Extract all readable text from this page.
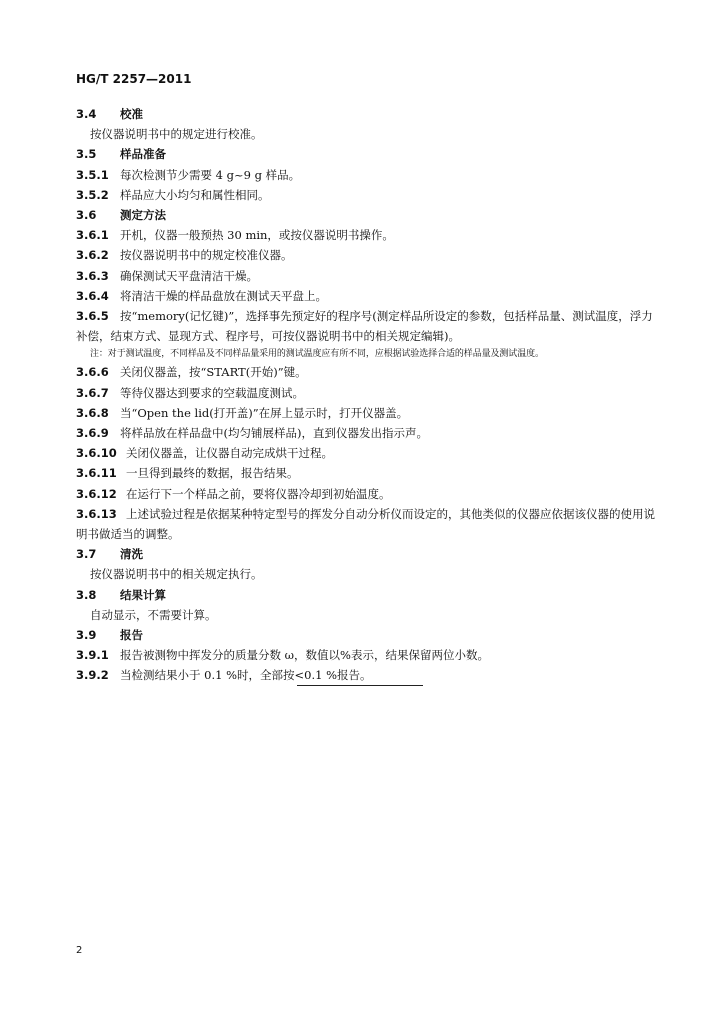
HG/T 2257—2011
3.4 校准
按仪器说明书中的规定进行校准。
3.5 样品准备
3.5.1 每次检测节少需要 4 g~9 g 样品。
3.5.2 样品应大小均匀和属性相同。
3.6 测定方法
3.6.1 开机，仪器一般预热 30 min，或按仪器说明书操作。
3.6.2 按仪器说明书中的规定校准仪器。
3.6.3 确保测试天平盘清洁干燥。
3.6.4 将清洁干燥的样品盘放在测试天平盘上。
3.6.5 按“memory(记忆键)”，选择事先预定好的程序号(测定样品所设定的参数，包括样品量、测试温度，浮力补偿，结束方式、显现方式、程序号，可按仪器说明书中的相关规定编辑)。
注：对于测试温度，不同样品及不同样品量采用的测试温度应有所不同，应根据试验选择合适的样品量及测试温度。
3.6.6 关闭仪器盖，按“START(开始)”键。
3.6.7 等待仪器达到要求的空载温度测试。
3.6.8 当“Open the lid(打开盖)”在屏上显示时，打开仪器盖。
3.6.9 将样品放在样品盘中(均匀铺展样品)，直到仪器发出指示声。
3.6.10 关闭仪器盖，让仪器自动完成烘干过程。
3.6.11 一旦得到最终的数据，报告结果。
3.6.12 在运行下一个样品之前，要将仪器冷却到初始温度。
3.6.13 上述试验过程是依据某种特定型号的挥发分自动分析仪而设定的，其他类似的仪器应依据该仪器的使用说明书做适当的调整。
3.7 清洗
按仪器说明书中的相关规定执行。
3.8 结果计算
自动显示，不需要计算。
3.9 报告
3.9.1 报告被测物中挥发分的质量分数 ω，数值以%表示，结果保留两位小数。
3.9.2 当检测结果小于 0.1 %时，全部按<0.1 %报告。
2
